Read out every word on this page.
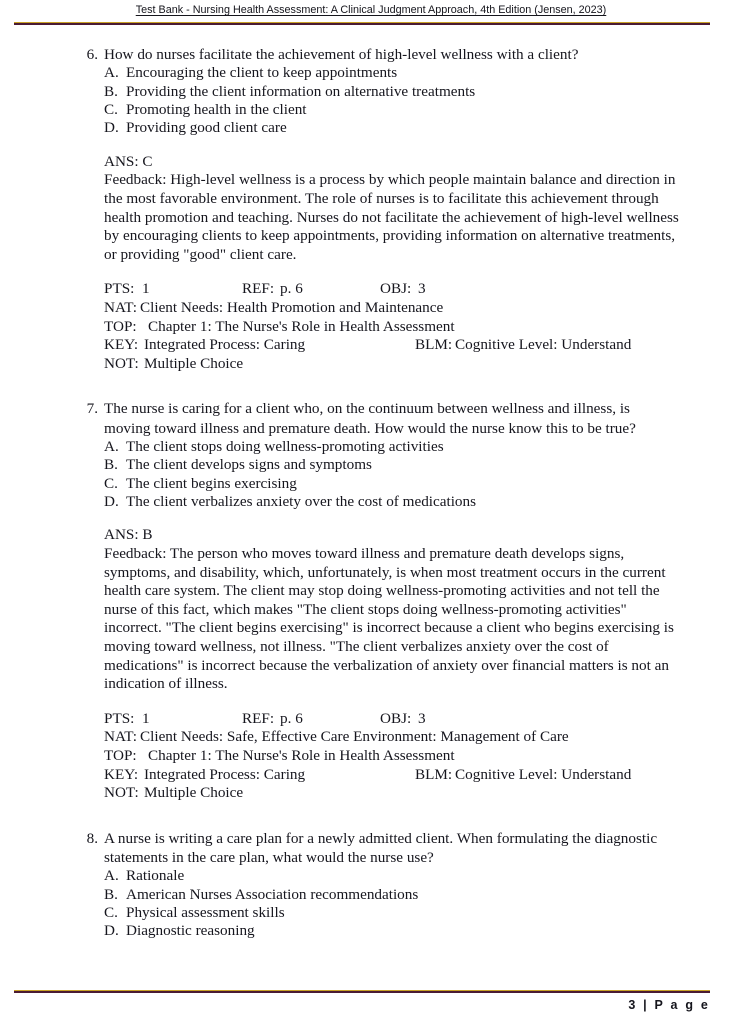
Test Bank - Nursing Health Assessment: A Clinical Judgment Approach, 4th Edition (Jensen, 2023)
6. How do nurses facilitate the achievement of high-level wellness with a client?
A. Encouraging the client to keep appointments
B. Providing the client information on alternative treatments
C. Promoting health in the client
D. Providing good client care
ANS: C
Feedback: High-level wellness is a process by which people maintain balance and direction in the most favorable environment. The role of nurses is to facilitate this achievement through health promotion and teaching. Nurses do not facilitate the achievement of high-level wellness by encouraging clients to keep appointments, providing information on alternative treatments, or providing "good" client care.
PTS: 1	REF: p. 6	OBJ: 3
NAT: Client Needs: Health Promotion and Maintenance
TOP: Chapter 1: The Nurse's Role in Health Assessment
KEY: Integrated Process: Caring	BLM: Cognitive Level: Understand
NOT: Multiple Choice
7. The nurse is caring for a client who, on the continuum between wellness and illness, is moving toward illness and premature death. How would the nurse know this to be true?
A. The client stops doing wellness-promoting activities
B. The client develops signs and symptoms
C. The client begins exercising
D. The client verbalizes anxiety over the cost of medications
ANS: B
Feedback: The person who moves toward illness and premature death develops signs, symptoms, and disability, which, unfortunately, is when most treatment occurs in the current health care system. The client may stop doing wellness-promoting activities and not tell the nurse of this fact, which makes "The client stops doing wellness-promoting activities" incorrect. "The client begins exercising" is incorrect because a client who begins exercising is moving toward wellness, not illness. "The client verbalizes anxiety over the cost of medications" is incorrect because the verbalization of anxiety over financial matters is not an indication of illness.
PTS: 1	REF: p. 6	OBJ: 3
NAT: Client Needs: Safe, Effective Care Environment: Management of Care
TOP: Chapter 1: The Nurse's Role in Health Assessment
KEY: Integrated Process: Caring	BLM: Cognitive Level: Understand
NOT: Multiple Choice
8. A nurse is writing a care plan for a newly admitted client. When formulating the diagnostic statements in the care plan, what would the nurse use?
A. Rationale
B. American Nurses Association recommendations
C. Physical assessment skills
D. Diagnostic reasoning
3 | P a g e
